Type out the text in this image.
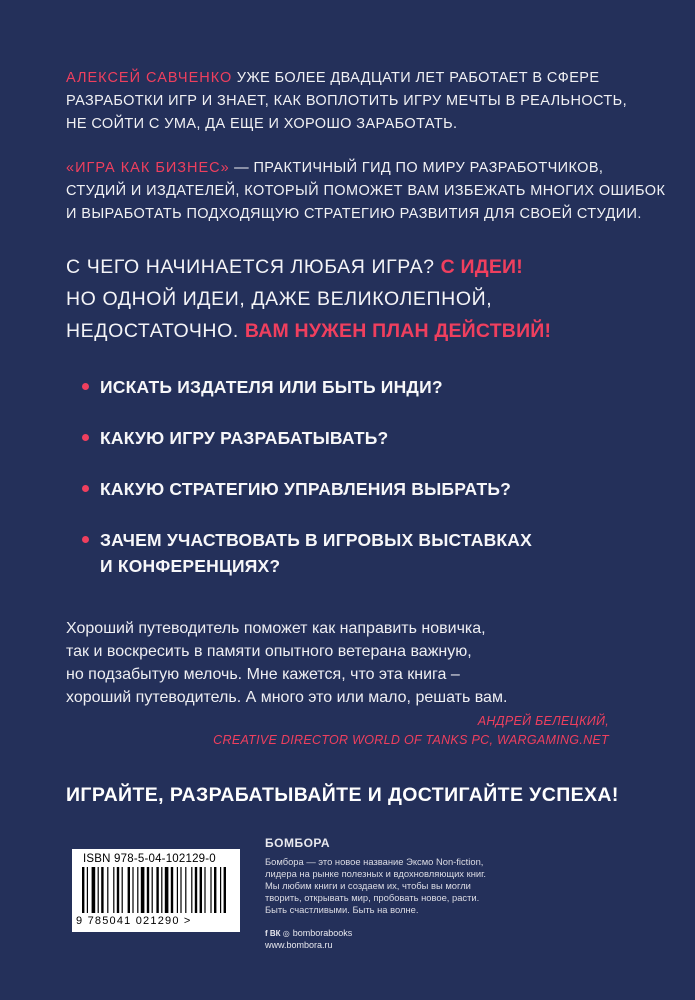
АЛЕКСЕЙ САВЧЕНКО УЖЕ БОЛЕЕ ДВАДЦАТИ ЛЕТ РАБОТАЕТ В СФЕРЕ

РАЗРАБОТКИ ИГР И ЗНАЕТ, КАК ВОПЛОТИТЬ ИГРУ МЕЧТЫ В РЕАЛЬНОСТЬ,

НЕ СОЙТИ С УМА, ДА ЕЩЕ И ХОРОШО ЗАРАБОТАТЬ.

«ИГРА КАК БИЗНЕС» — ПРАКТИЧНЫЙ ГИД ПО МИРУ РАЗРАБОТЧИКОВ,

СТУДИЙ И ИЗДАТЕЛЕЙ, КОТОРЫЙ ПОМОЖЕТ ВАМ ИЗБЕЖАТЬ МНОГИХ ОШИБОК

И ВЫРАБОТАТЬ ПОДХОДЯЩУЮ СТРАТЕГИЮ РАЗВИТИЯ ДЛЯ СВОЕЙ СТУДИИ.

С ЧЕГО НАЧИНАЕТСЯ ЛЮБАЯ ИГРА? С ИДЕИ!

НО ОДНОЙ ИДЕИ, ДАЖЕ ВЕЛИКОЛЕПНОЙ,

НЕДОСТАТОЧНО. ВАМ НУЖЕН ПЛАН ДЕЙСТВИЙ!

ИСКАТЬ ИЗДАТЕЛЯ ИЛИ БЫТЬ ИНДИ?
КАКУЮ ИГРУ РАЗРАБАТЫВАТЬ?
КАКУЮ СТРАТЕГИЮ УПРАВЛЕНИЯ ВЫБРАТЬ?
ЗАЧЕМ УЧАСТВОВАТЬ В ИГРОВЫХ ВЫСТАВКАХ
И КОНФЕРЕНЦИЯХ?

Хороший путеводитель поможет как направить новичка,

так и воскресить в памяти опытного ветерана важную,

но подзабытую мелочь. Мне кажется, что эта книга –

хороший путеводитель. А много это или мало, решать вам.

АНДРЕЙ БЕЛЕЦКИЙ,

CREATIVE DIRECTOR WORLD OF TANKS PC, WARGAMING.NET

ИГРАЙТЕ, РАЗРАБАТЫВАЙТЕ И ДОСТИГАЙТЕ УСПЕХА!
ISBN 978-5-04-102129-0
9 785041 021290 >
БОМБОРА

Бомбора — это новое название Эксмо Non-fiction,

лидера на рынке полезных и вдохновляющих книг.

Мы любим книги и создаем их, чтобы вы могли

творить, открывать мир, пробовать новое, расти.

Быть счастливыми. Быть на волне.

f ВК ◎ bomborabooks
www.bombora.ru
